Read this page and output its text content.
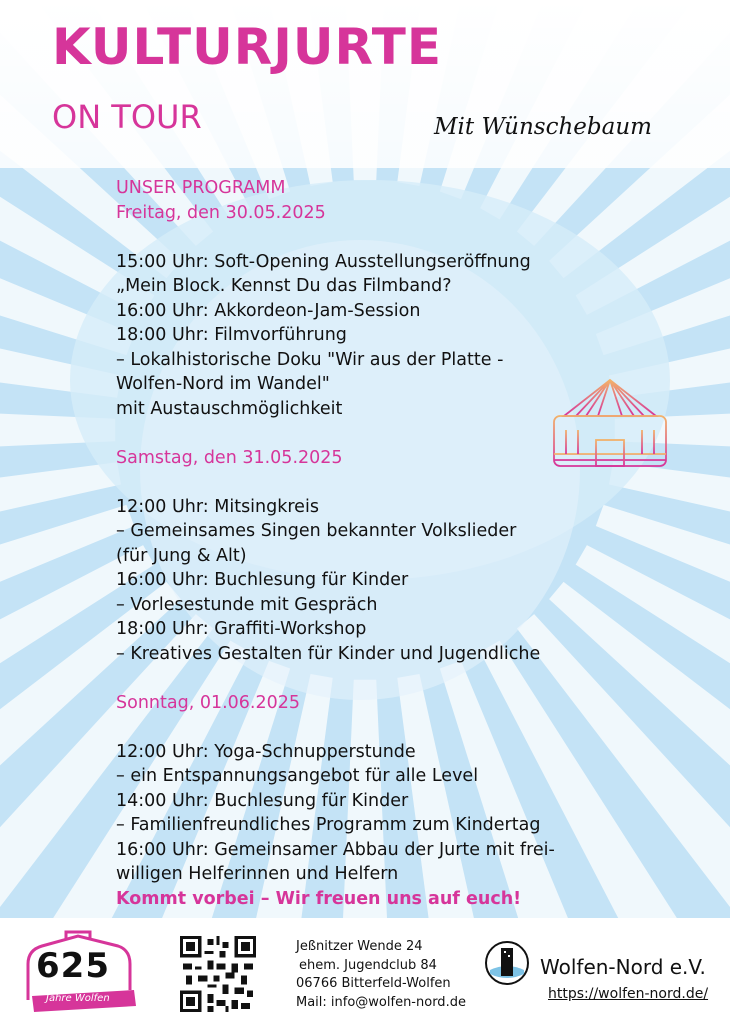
KULTURJURTE
ON TOUR	Mit Wünschebaum
UNSER PROGRAMM
Freitag, den 30.05.2025
15:00 Uhr: Soft-Opening Ausstellungseröffnung
„Mein Block. Kennst Du das Filmband?
16:00 Uhr: Akkordeon-Jam-Session
18:00 Uhr: Filmvorführung
– Lokalhistorische Doku "Wir aus der Platte -
Wolfen-Nord im Wandel"
mit Austauschmöglichkeit
Samstag, den 31.05.2025
12:00 Uhr: Mitsingkreis
– Gemeinsames Singen bekannter Volkslieder
(für Jung & Alt)
16:00 Uhr: Buchlesung für Kinder
– Vorlesestunde mit Gespräch
18:00 Uhr: Graffiti-Workshop
– Kreatives Gestalten für Kinder und Jugendliche
Sonntag, 01.06.2025
12:00 Uhr: Yoga-Schnupperstunde
– ein Entspannungsangebot für alle Level
14:00 Uhr: Buchlesung für Kinder
– Familienfreundliches Programm zum Kindertag
16:00 Uhr: Gemeinsamer Abbau der Jurte mit frei-
willigen Helferinnen und Helfern
Kommt vorbei – Wir freuen uns auf euch!
625
Jahre Wolfen
Jeßnitzer Wende 24
ehem. Jugendclub 84
06766 Bitterfeld-Wolfen
Mail: info@wolfen-nord.de
Wolfen-Nord e.V.
https://wolfen-nord.de/
